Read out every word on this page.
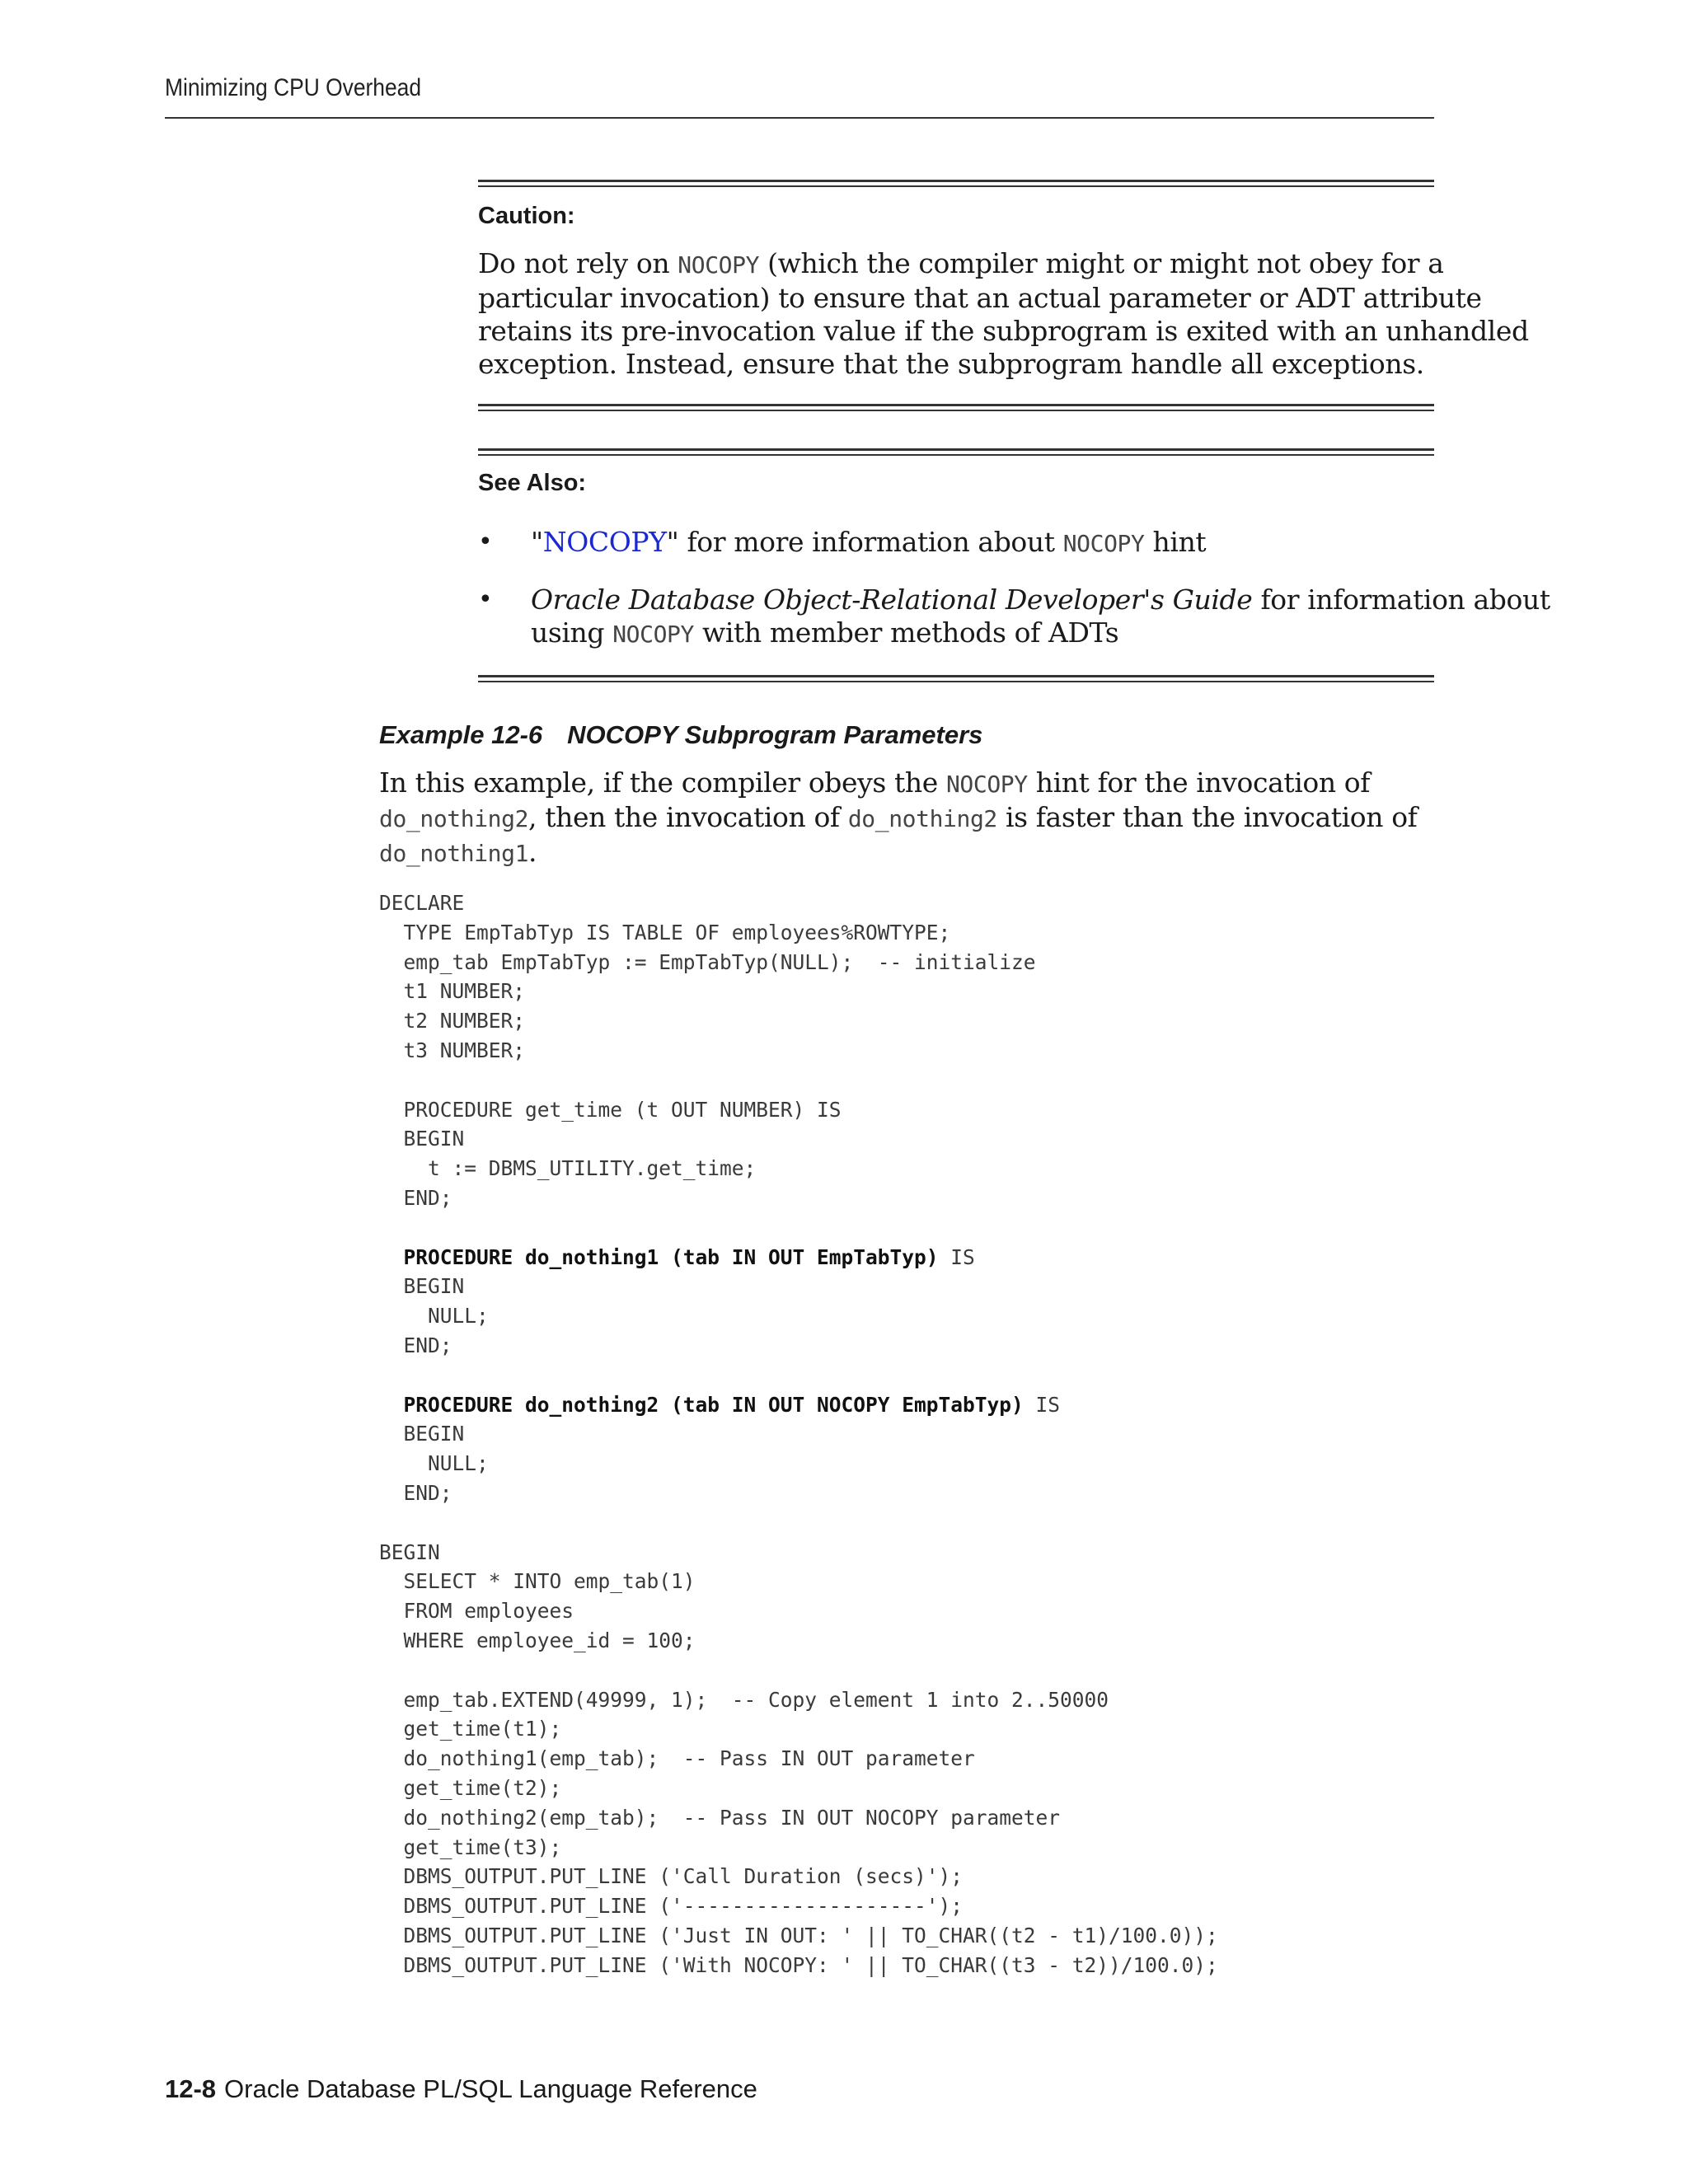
Minimizing CPU Overhead
Caution:
Do not rely on NOCOPY (which the compiler might or might not obey for a
particular invocation) to ensure that an actual parameter or ADT attribute
retains its pre-invocation value if the subprogram is exited with an unhandled
exception. Instead, ensure that the subprogram handle all exceptions.
See Also:
• "NOCOPY" for more information about NOCOPY hint
• Oracle Database Object-Relational Developer's Guide for information about
using NOCOPY with member methods of ADTs
Example 12-6 NOCOPY Subprogram Parameters
In this example, if the compiler obeys the NOCOPY hint for the invocation of
do_nothing2, then the invocation of do_nothing2 is faster than the invocation of
do_nothing1.
DECLARE
TYPE EmpTabTyp IS TABLE OF employees%ROWTYPE;
emp_tab EmpTabTyp := EmpTabTyp(NULL);  -- initialize
t1 NUMBER;
t2 NUMBER;
t3 NUMBER;
PROCEDURE get_time (t OUT NUMBER) IS
BEGIN
t := DBMS_UTILITY.get_time;
END;
PROCEDURE do_nothing1 (tab IN OUT EmpTabTyp) IS
BEGIN
NULL;
END;
PROCEDURE do_nothing2 (tab IN OUT NOCOPY EmpTabTyp) IS
BEGIN
NULL;
END;
BEGIN
SELECT * INTO emp_tab(1)
FROM employees
WHERE employee_id = 100;
emp_tab.EXTEND(49999, 1);  -- Copy element 1 into 2..50000
get_time(t1);
do_nothing1(emp_tab);  -- Pass IN OUT parameter
get_time(t2);
do_nothing2(emp_tab);  -- Pass IN OUT NOCOPY parameter
get_time(t3);
DBMS_OUTPUT.PUT_LINE ('Call Duration (secs)');
DBMS_OUTPUT.PUT_LINE ('--------------------');
DBMS_OUTPUT.PUT_LINE ('Just IN OUT: ' || TO_CHAR((t2 - t1)/100.0));
DBMS_OUTPUT.PUT_LINE ('With NOCOPY: ' || TO_CHAR((t3 - t2))/100.0);
12-8 Oracle Database PL/SQL Language Reference
